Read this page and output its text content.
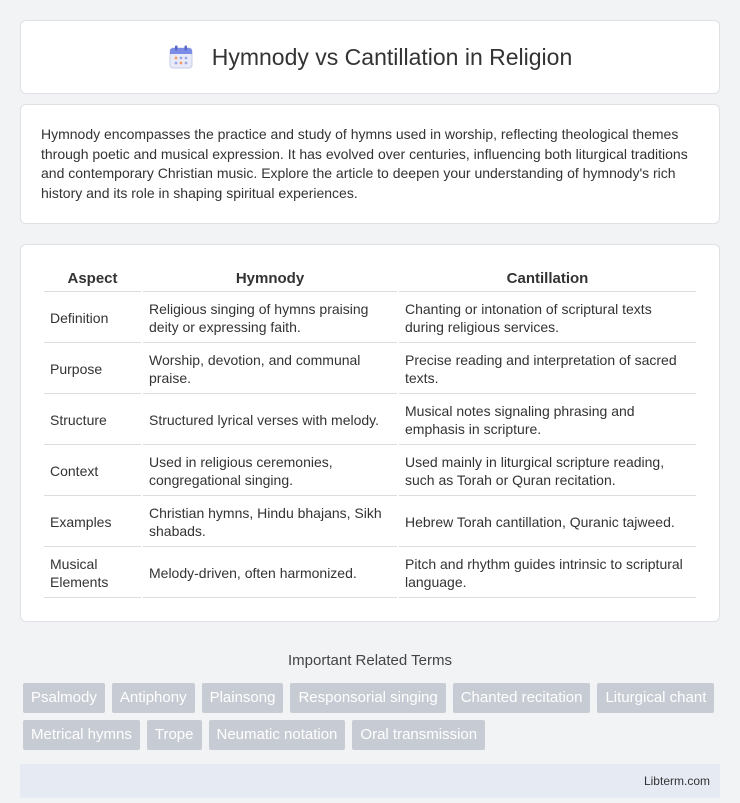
Hymnody vs Cantillation in Religion

Hymnody encompasses the practice and study of hymns used in worship, reflecting theological themes through poetic and musical expression. It has evolved over centuries, influencing both liturgical traditions and contemporary Christian music. Explore the article to deepen your understanding of hymnody's rich history and its role in shaping spiritual experiences.

Aspect	Hymnody	Cantillation
Definition	Religious singing of hymns praising deity or expressing faith.	Chanting or intonation of scriptural texts during religious services.
Purpose	Worship, devotion, and communal praise.	Precise reading and interpretation of sacred texts.
Structure	Structured lyrical verses with melody.	Musical notes signaling phrasing and emphasis in scripture.
Context	Used in religious ceremonies, congregational singing.	Used mainly in liturgical scripture reading, such as Torah or Quran recitation.
Examples	Christian hymns, Hindu bhajans, Sikh shabads.	Hebrew Torah cantillation, Quranic tajweed.
Musical Elements	Melody-driven, often harmonized.	Pitch and rhythm guides intrinsic to scriptural language.
Important Related Terms
Psalmody	Antiphony	Plainsong	Responsorial singing	Chanted recitation	Liturgical chant
Metrical hymns	Trope	Neumatic notation	Oral transmission
Libterm.com
